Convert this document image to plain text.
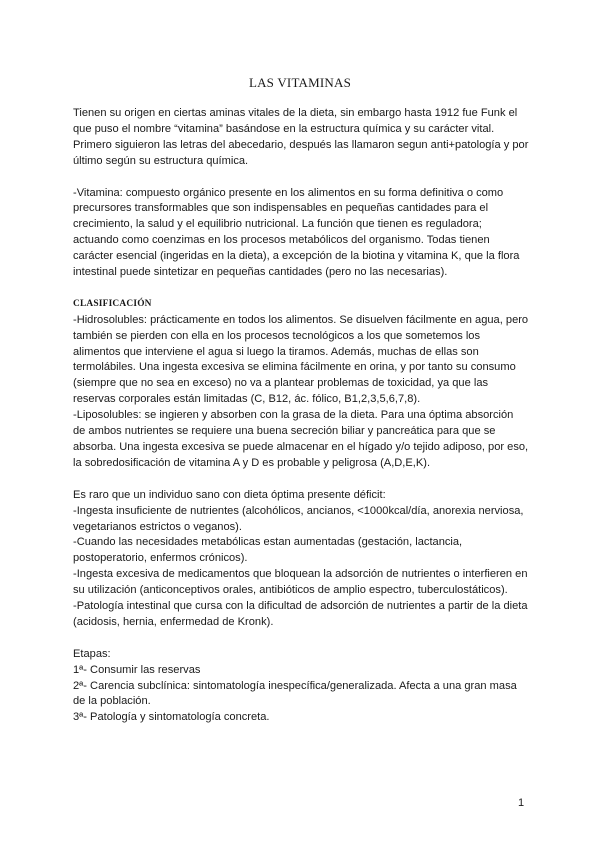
LAS VITAMINAS

Tienen su origen en ciertas aminas vitales de la dieta, sin embargo hasta 1912 fue Funk el

que puso el nombre “vitamina” basándose en la estructura química y su carácter vital.

Primero siguieron las letras del abecedario, después las llamaron segun anti+patología y por

último según su estructura química.

-Vitamina: compuesto orgánico presente en los alimentos en su forma definitiva o como

precursores transformables que son indispensables en pequeñas cantidades para el

crecimiento, la salud y el equilibrio nutricional. La función que tienen es reguladora;

actuando como coenzimas en los procesos metabólicos del organismo. Todas tienen

carácter esencial (ingeridas en la dieta), a excepción de la biotina y vitamina K, que la flora

intestinal puede sintetizar en pequeñas cantidades (pero no las necesarias).

CLASIFICACIÓN

-Hidrosolubles: prácticamente en todos los alimentos. Se disuelven fácilmente en agua, pero

también se pierden con ella en los procesos tecnológicos a los que sometemos los

alimentos que interviene el agua si luego la tiramos. Además, muchas de ellas son

termolábiles. Una ingesta excesiva se elimina fácilmente en orina, y por tanto su consumo

(siempre que no sea en exceso) no va a plantear problemas de toxicidad, ya que las

reservas corporales están limitadas (C, B12, ác. fólico, B1,2,3,5,6,7,8).

-Liposolubles: se ingieren y absorben con la grasa de la dieta. Para una óptima absorción

de ambos nutrientes se requiere una buena secreción biliar y pancreática para que se

absorba. Una ingesta excesiva se puede almacenar en el hígado y/o tejido adiposo, por eso,

la sobredosificación de vitamina A y D es probable y peligrosa (A,D,E,K).

Es raro que un individuo sano con dieta óptima presente déficit:

-Ingesta insuficiente de nutrientes (alcohólicos, ancianos, <1000kcal/día, anorexia nerviosa,

vegetarianos estrictos o veganos).

-Cuando las necesidades metabólicas estan aumentadas (gestación, lactancia,

postoperatorio, enfermos crónicos).

-Ingesta excesiva de medicamentos que bloquean la adsorción de nutrientes o interfieren en

su utilización (anticonceptivos orales, antibióticos de amplio espectro, tuberculostáticos).

-Patología intestinal que cursa con la dificultad de adsorción de nutrientes a partir de la dieta

(acidosis, hernia, enfermedad de Kronk).

Etapas:

1ª- Consumir las reservas

2ª- Carencia subclínica: sintomatología inespecífica/generalizada. Afecta a una gran masa

de la población.

3ª- Patología y sintomatología concreta.

1
